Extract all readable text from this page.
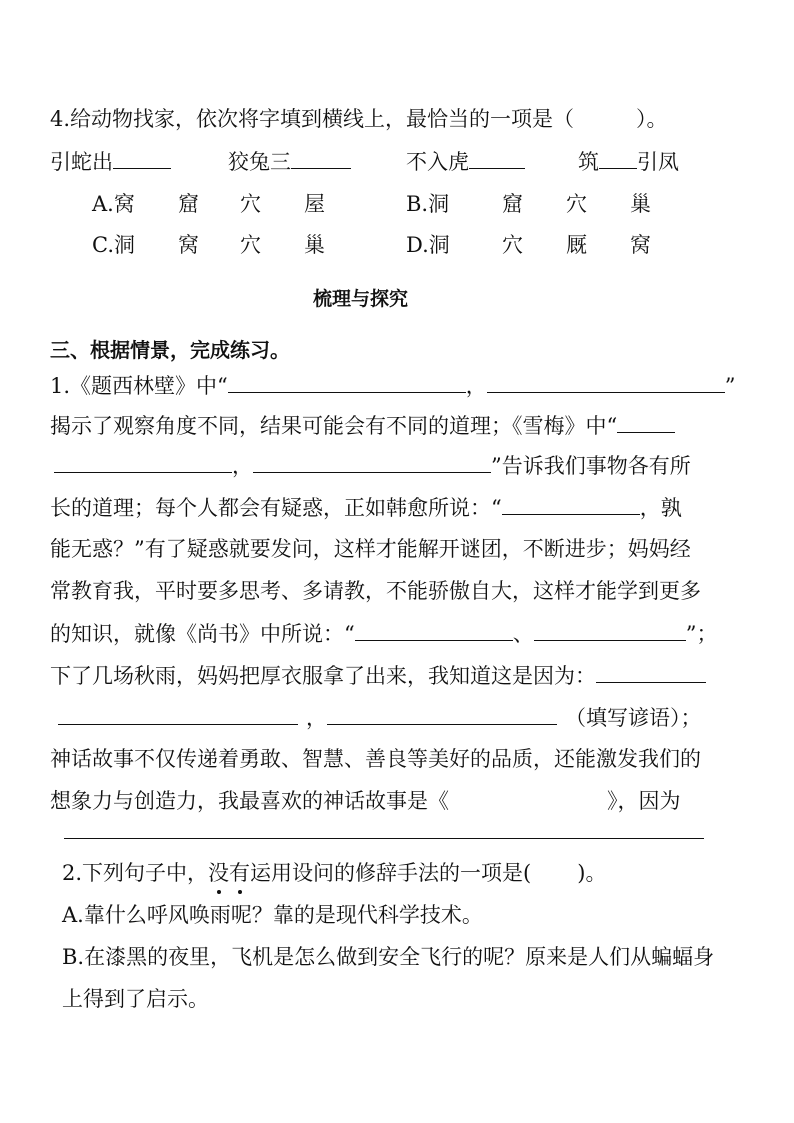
4.给动物找家，依次将字填到横线上，最恰当的一项是（	）。
引蛇出	狡兔三	不入虎	筑 引凤
A.窝 窟 穴 屋	B.洞	窟 穴 巢
C.洞 窝 穴 巢	D.洞 穴 厩 窝
梳理与探究
三、根据情景，完成练习。
1.《题西林壁》中“	，	”
揭示了观察角度不同，结果可能会有不同的道理；《雪梅》中“
，	”告诉我们事物各有所
长的道理；每个人都会有疑惑，正如韩愈所说：“	，孰
能无惑？”有了疑惑就要发问，这样才能解开谜团，不断进步；妈妈经
常教育我，平时要多思考、多请教，不能骄傲自大，这样才能学到更多
的知识，就像《尚书》中所说：“	、	”；
下了几场秋雨，妈妈把厚衣服拿了出来，我知道这是因为：
，	（填写谚语）；
神话故事不仅传递着勇敢、智慧、善良等美好的品质，还能激发我们的
想象力与创造力，我最喜欢的神话故事是《	》，因为
2.下列句子中，没有运用设问的修辞手法的一项是( )。
A.靠什么呼风唤雨呢？靠的是现代科学技术。
B.在漆黑的夜里，飞机是怎么做到安全飞行的呢？原来是人们从蝙蝠身
上得到了启示。
